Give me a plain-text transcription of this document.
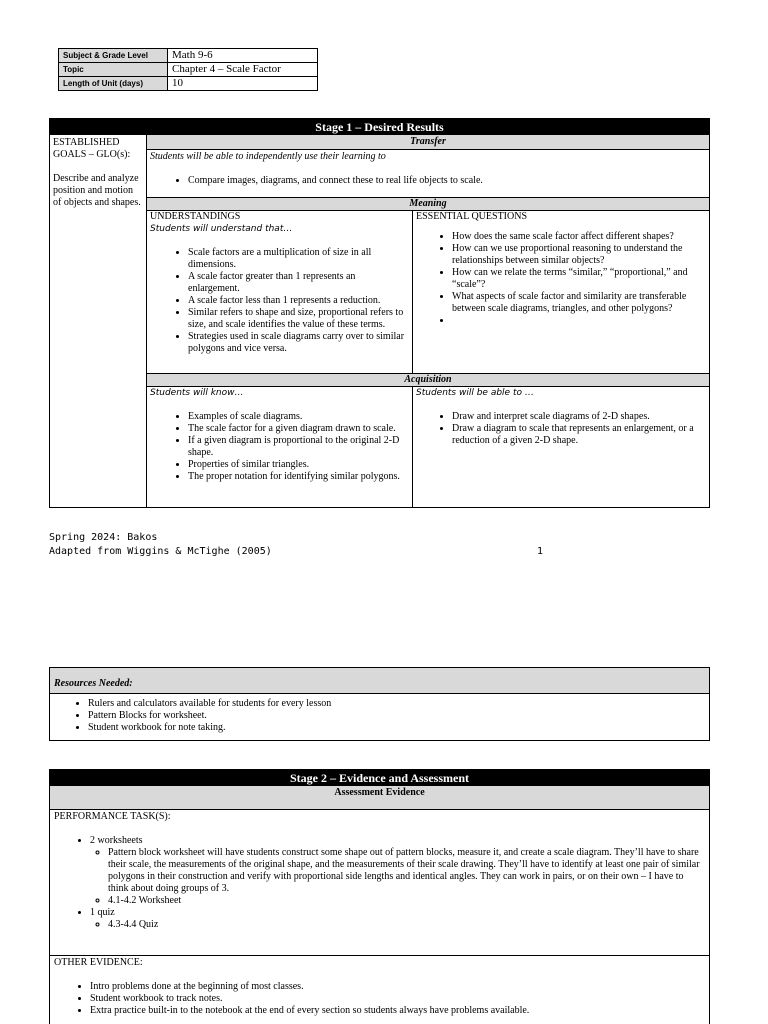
Subject & Grade Level	Math 9-6
Topic	Chapter 4 – Scale Factor
Length of Unit (days)	10
Stage 1 – Desired Results
ESTABLISHED GOALS – GLO(s):
Describe and analyze position and motion of objects and shapes.
Transfer
Students will be able to independently use their learning to
• Compare images, diagrams, and connect these to real life objects to scale.
Meaning
UNDERSTANDINGS
Students will understand that…
• Scale factors are a multiplication of size in all dimensions.
• A scale factor greater than 1 represents an enlargement.
• A scale factor less than 1 represents a reduction.
• Similar refers to shape and size, proportional refers to size, and scale identifies the value of these terms.
• Strategies used in scale diagrams carry over to similar polygons and vice versa.
ESSENTIAL QUESTIONS
• How does the same scale factor affect different shapes?
• How can we use proportional reasoning to understand the relationships between similar objects?
• How can we relate the terms “similar,” “proportional,” and “scale”?
• What aspects of scale factor and similarity are transferable between scale diagrams, triangles, and other polygons?
•
Acquisition
Students will know…
• Examples of scale diagrams.
• The scale factor for a given diagram drawn to scale.
• If a given diagram is proportional to the original 2-D shape.
• Properties of similar triangles.
• The proper notation for identifying similar polygons.
Students will be able to …
• Draw and interpret scale diagrams of 2-D shapes.
• Draw a diagram to scale that represents an enlargement, or a reduction of a given 2-D shape.
Spring 2024: Bakos
Adapted from Wiggins & McTighe (2005)	1
Resources Needed:
• Rulers and calculators available for students for every lesson
• Pattern Blocks for worksheet.
• Student workbook for note taking.
Stage 2 – Evidence and Assessment
Assessment Evidence
PERFORMANCE TASK(S):
• 2 worksheets
◦ Pattern block worksheet will have students construct some shape out of pattern blocks, measure it, and create a scale diagram. They’ll have to share their scale, the measurements of the original shape, and the measurements of their scale drawing. They’ll have to identify at least one pair of similar polygons in their construction and verify with proportional side lengths and identical angles. They can work in pairs, or on their own – I have to think about doing groups of 3.
◦ 4.1-4.2 Worksheet
• 1 quiz
◦ 4.3-4.4 Quiz
OTHER EVIDENCE:
• Intro problems done at the beginning of most classes.
• Student workbook to track notes.
• Extra practice built-in to the notebook at the end of every section so students always have problems available.
